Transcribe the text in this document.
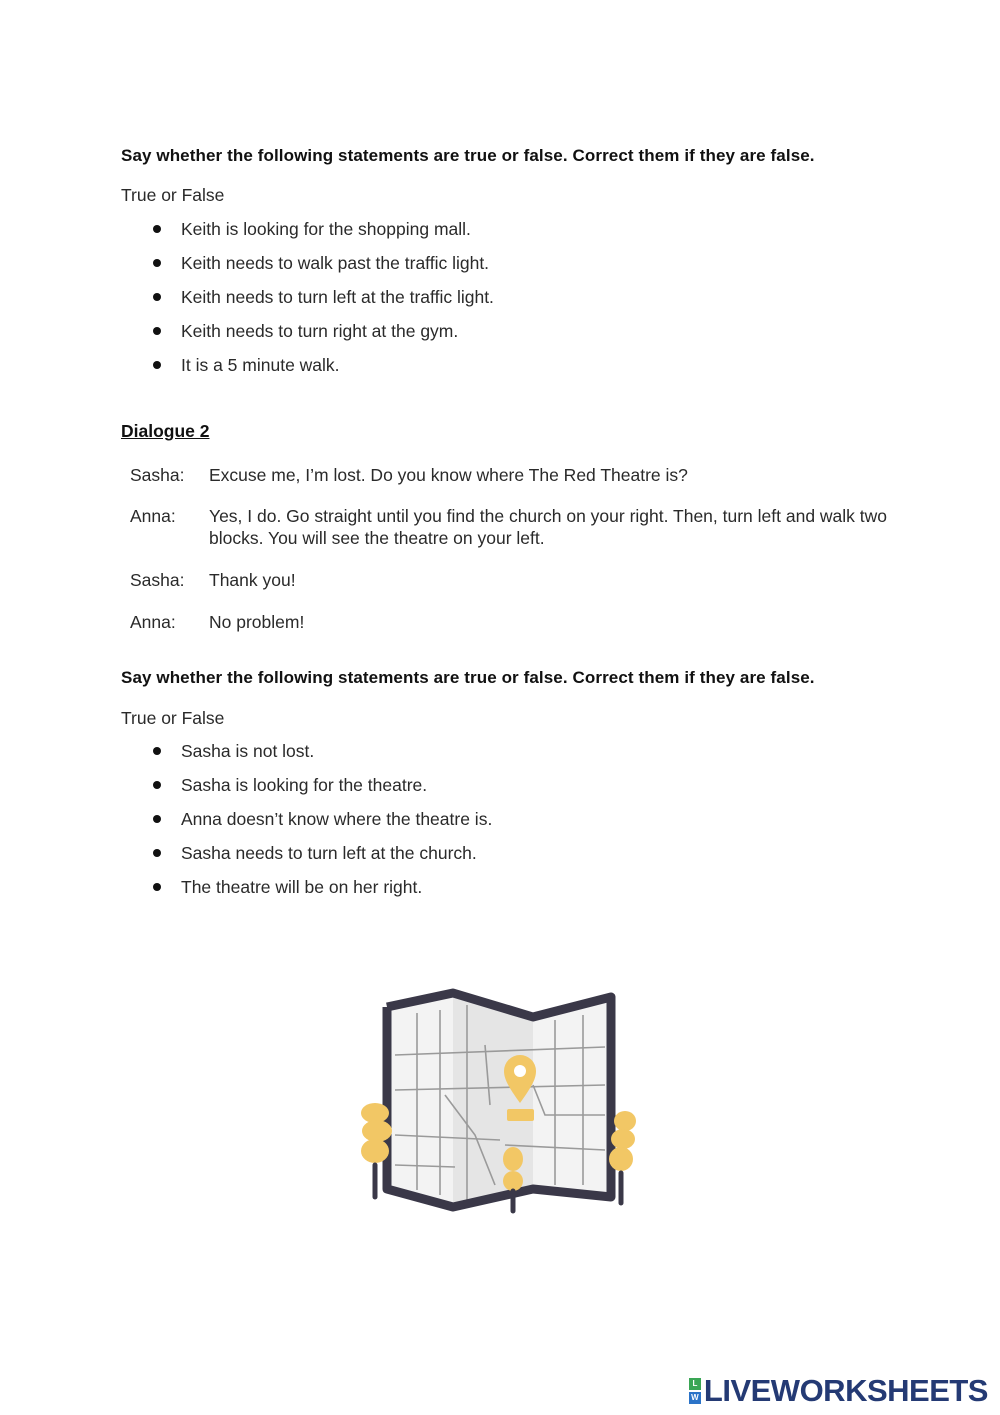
Say whether the following statements are true or false. Correct them if they are false.
True or False
Keith is looking for the shopping mall.
Keith needs to walk past the traffic light.
Keith needs to turn left at the traffic light.
Keith needs to turn right at the gym.
It is a 5 minute walk.
Dialogue 2
Sasha:	Excuse me, I’m lost. Do you know where The Red Theatre is?
Anna:	Yes, I do. Go straight until you find the church on your right. Then, turn left and walk two blocks. You will see the theatre on your left.
Sasha:	Thank you!
Anna:	No problem!
Say whether the following statements are true or false. Correct them if they are false.
True or False
Sasha is not lost.
Sasha is looking for the theatre.
Anna doesn’t know where the theatre is.
Sasha needs to turn left at the church.
The theatre will be on her right.
L
W LIVEWORKSHEETS
